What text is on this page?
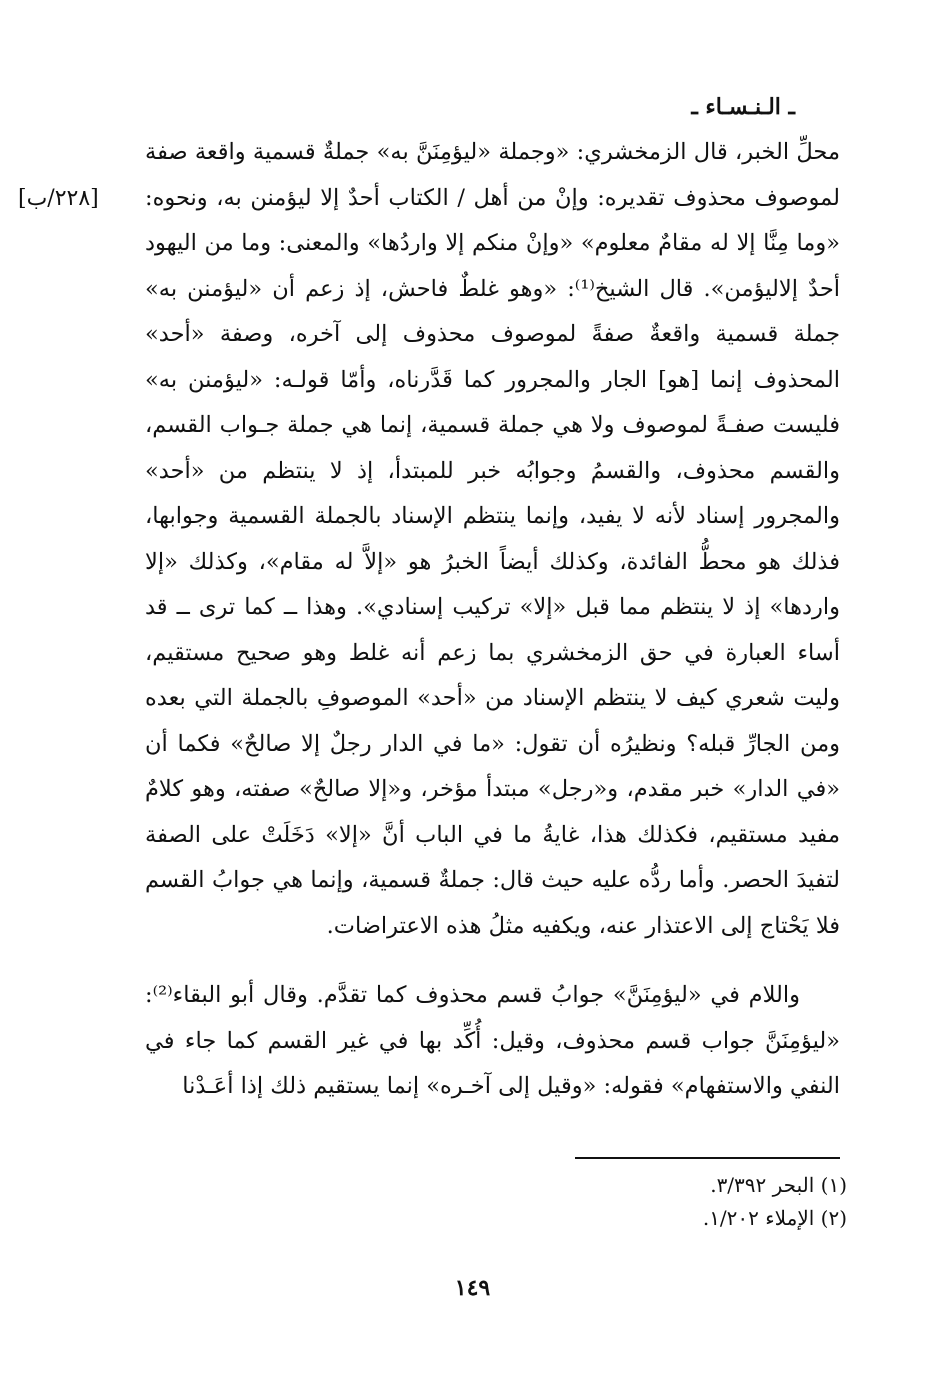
ـ الـنـسـاء ـ
[٢٢٨/ب]

محلِّ الخبر، قال الزمخشري: «وجملة «ليؤمِنَنَّ به» جملةٌ قسمية واقعة صفة لموصوف محذوف تقديره: وإنْ من أهل / الكتاب أحدٌ إلا ليؤمنن به، ونحوه: «وما مِنَّا إلا له مقامٌ معلوم» «وإنْ منكم إلا واردُها» والمعنى: وما من اليهود أحدٌ إلاليؤمن». قال الشيخ⁽¹⁾: «وهو غلطٌ فاحش، إذ زعم أن «ليؤمنن به» جملة قسمية واقعةٌ صفةً لموصوف محذوف إلى آخره، وصفة «أحد» المحذوف إنما [هو] الجار والمجرور كما قَدَّرناه، وأمّا قولـه: «ليؤمنن به» فليست صفـةً لموصوف ولا هي جملة قسمية، إنما هي جملة جـواب القسم، والقسم محذوف، والقسمُ وجوابُه خبر للمبتدأ، إذ لا ينتظم من «أحد» والمجرور إسناد لأنه لا يفيد، وإنما ينتظم الإسناد بالجملة القسمية وجوابها، فذلك هو محطُّ الفائدة، وكذلك أيضاً الخبرُ هو «إلاَّ له مقام»، وكذلك «إلا واردها» إذ لا ينتظم مما قبل «إلا» تركيب إسنادي». وهذا ــ كما ترى ــ قد أساء العبارة في حق الزمخشري بما زعم أنه غلط وهو صحيح مستقيم، وليت شعري كيف لا ينتظم الإسناد من «أحد» الموصوفِ بالجملة التي بعده ومن الجارِّ قبله؟ ونظيرُه أن تقول: «ما في الدار رجلٌ إلا صالحٌ» فكما أن «في الدار» خبر مقدم، و«رجل» مبتدأ مؤخر، و«إلا صالحٌ» صفته، وهو كلامٌ مفيد مستقيم، فكذلك هذا، غايةُ ما في الباب أنَّ «إلا» دَخَلَتْ على الصفة لتفيدَ الحصر. وأما ردُّه عليه حيث قال: جملةٌ قسمية، وإنما هي جوابُ القسم فلا يَحْتاج إلى الاعتذار عنه، ويكفيه مثلُ هذه الاعتراضات.

واللام في «ليؤمِنَنَّ» جوابُ قسم محذوف كما تقدَّم. وقال أبو البقاء⁽²⁾: «ليؤمِنَنَّ جواب قسم محذوف، وقيل: أُكِّد بها في غير القسم كما جاء في النفي والاستفهام» فقوله: «وقيل إلى آخـره» إنما يستقيم ذلك إذا أعَـدْنا

(١) البحر ٣/٣٩٢.

(٢) الإملاء ١/٢٠٢.

١٤٩
